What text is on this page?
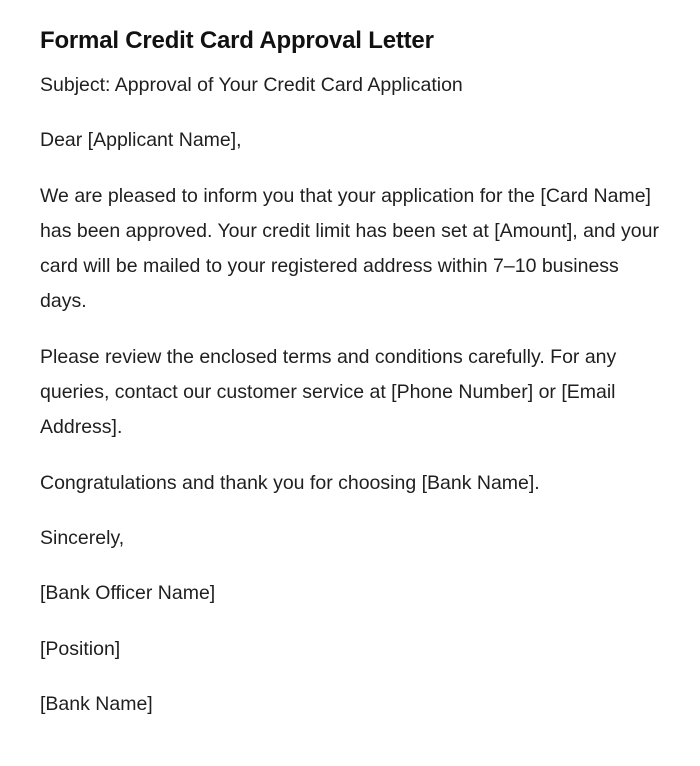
Formal Credit Card Approval Letter

Subject: Approval of Your Credit Card Application

Dear [Applicant Name],

We are pleased to inform you that your application for the [Card Name] has been approved. Your credit limit has been set at [Amount], and your card will be mailed to your registered address within 7–10 business days.

Please review the enclosed terms and conditions carefully. For any queries, contact our customer service at [Phone Number] or [Email Address].

Congratulations and thank you for choosing [Bank Name].

Sincerely,

[Bank Officer Name]

[Position]

[Bank Name]
